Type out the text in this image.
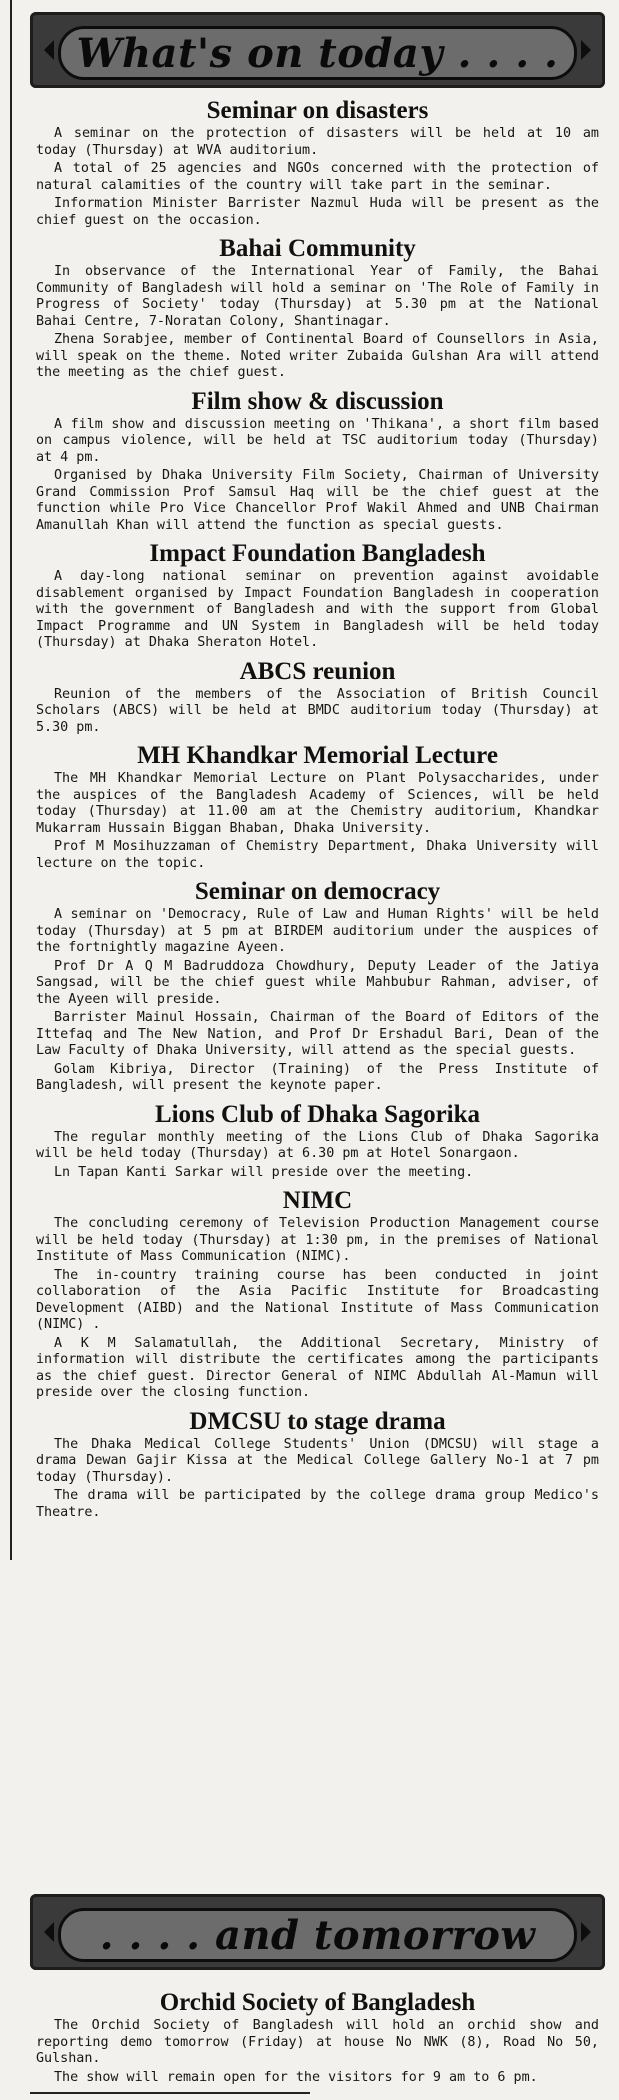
What's on today . . . .
Seminar on disasters

A seminar on the protection of disasters will be held at 10 am today (Thursday) at WVA auditorium.

A total of 25 agencies and NGOs concerned with the protection of natural calamities of the country will take part in the seminar.

Information Minister Barrister Nazmul Huda will be present as the chief guest on the occasion.

Bahai Community

In observance of the International Year of Family, the Bahai Community of Bangladesh will hold a seminar on 'The Role of Family in Progress of Society' today (Thursday) at 5.30 pm at the National Bahai Centre, 7-Noratan Colony, Shantinagar.

Zhena Sorabjee, member of Continental Board of Counsellors in Asia, will speak on the theme. Noted writer Zubaida Gulshan Ara will attend the meeting as the chief guest.

Film show & discussion

A film show and discussion meeting on 'Thikana', a short film based on campus violence, will be held at TSC auditorium today (Thursday) at 4 pm.

Organised by Dhaka University Film Society, Chairman of University Grand Commission Prof Samsul Haq will be the chief guest at the function while Pro Vice Chancellor Prof Wakil Ahmed and UNB Chairman Amanullah Khan will attend the function as special guests.

Impact Foundation Bangladesh

A day-long national seminar on prevention against avoidable disablement organised by Impact Foundation Bangladesh in cooperation with the government of Bangladesh and with the support from Global Impact Programme and UN System in Bangladesh will be held today (Thursday) at Dhaka Sheraton Hotel.

ABCS reunion

Reunion of the members of the Association of British Council Scholars (ABCS) will be held at BMDC auditorium today (Thursday) at 5.30 pm.

MH Khandkar Memorial Lecture

The MH Khandkar Memorial Lecture on Plant Polysaccharides, under the auspices of the Bangladesh Academy of Sciences, will be held today (Thursday) at 11.00 am at the Chemistry auditorium, Khandkar Mukarram Hussain Biggan Bhaban, Dhaka University.

Prof M Mosihuzzaman of Chemistry Department, Dhaka University will lecture on the topic.

Seminar on democracy

A seminar on 'Democracy, Rule of Law and Human Rights' will be held today (Thursday) at 5 pm at BIRDEM auditorium under the auspices of the fortnightly magazine Ayeen.

Prof Dr A Q M Badruddoza Chowdhury, Deputy Leader of the Jatiya Sangsad, will be the chief guest while Mahbubur Rahman, adviser, of the Ayeen will preside.

Barrister Mainul Hossain, Chairman of the Board of Editors of the Ittefaq and The New Nation, and Prof Dr Ershadul Bari, Dean of the Law Faculty of Dhaka University, will attend as the special guests.

Golam Kibriya, Director (Training) of the Press Institute of Bangladesh, will present the keynote paper.

Lions Club of Dhaka Sagorika

The regular monthly meeting of the Lions Club of Dhaka Sagorika will be held today (Thursday) at 6.30 pm at Hotel Sonargaon.

Ln Tapan Kanti Sarkar will preside over the meeting.

NIMC

The concluding ceremony of Television Production Management course will be held today (Thursday) at 1:30 pm, in the premises of National Institute of Mass Communication (NIMC).

The in-country training course has been conducted in joint collaboration of the Asia Pacific Institute for Broadcasting Development (AIBD) and the National Institute of Mass Communication (NIMC) .

A K M Salamatullah, the Additional Secretary, Ministry of information will distribute the certificates among the participants as the chief guest. Director General of NIMC Abdullah Al-Mamun will preside over the closing function.

DMCSU to stage drama

The Dhaka Medical College Students' Union (DMCSU) will stage a drama Dewan Gajir Kissa at the Medical College Gallery No-1 at 7 pm today (Thursday).

The drama will be participated by the college drama group Medico's Theatre.

. . . . and tomorrow
Orchid Society of Bangladesh

The Orchid Society of Bangladesh will hold an orchid show and reporting demo tomorrow (Friday) at house No NWK (8), Road No 50, Gulshan.

The show will remain open for the visitors for 9 am to 6 pm.
